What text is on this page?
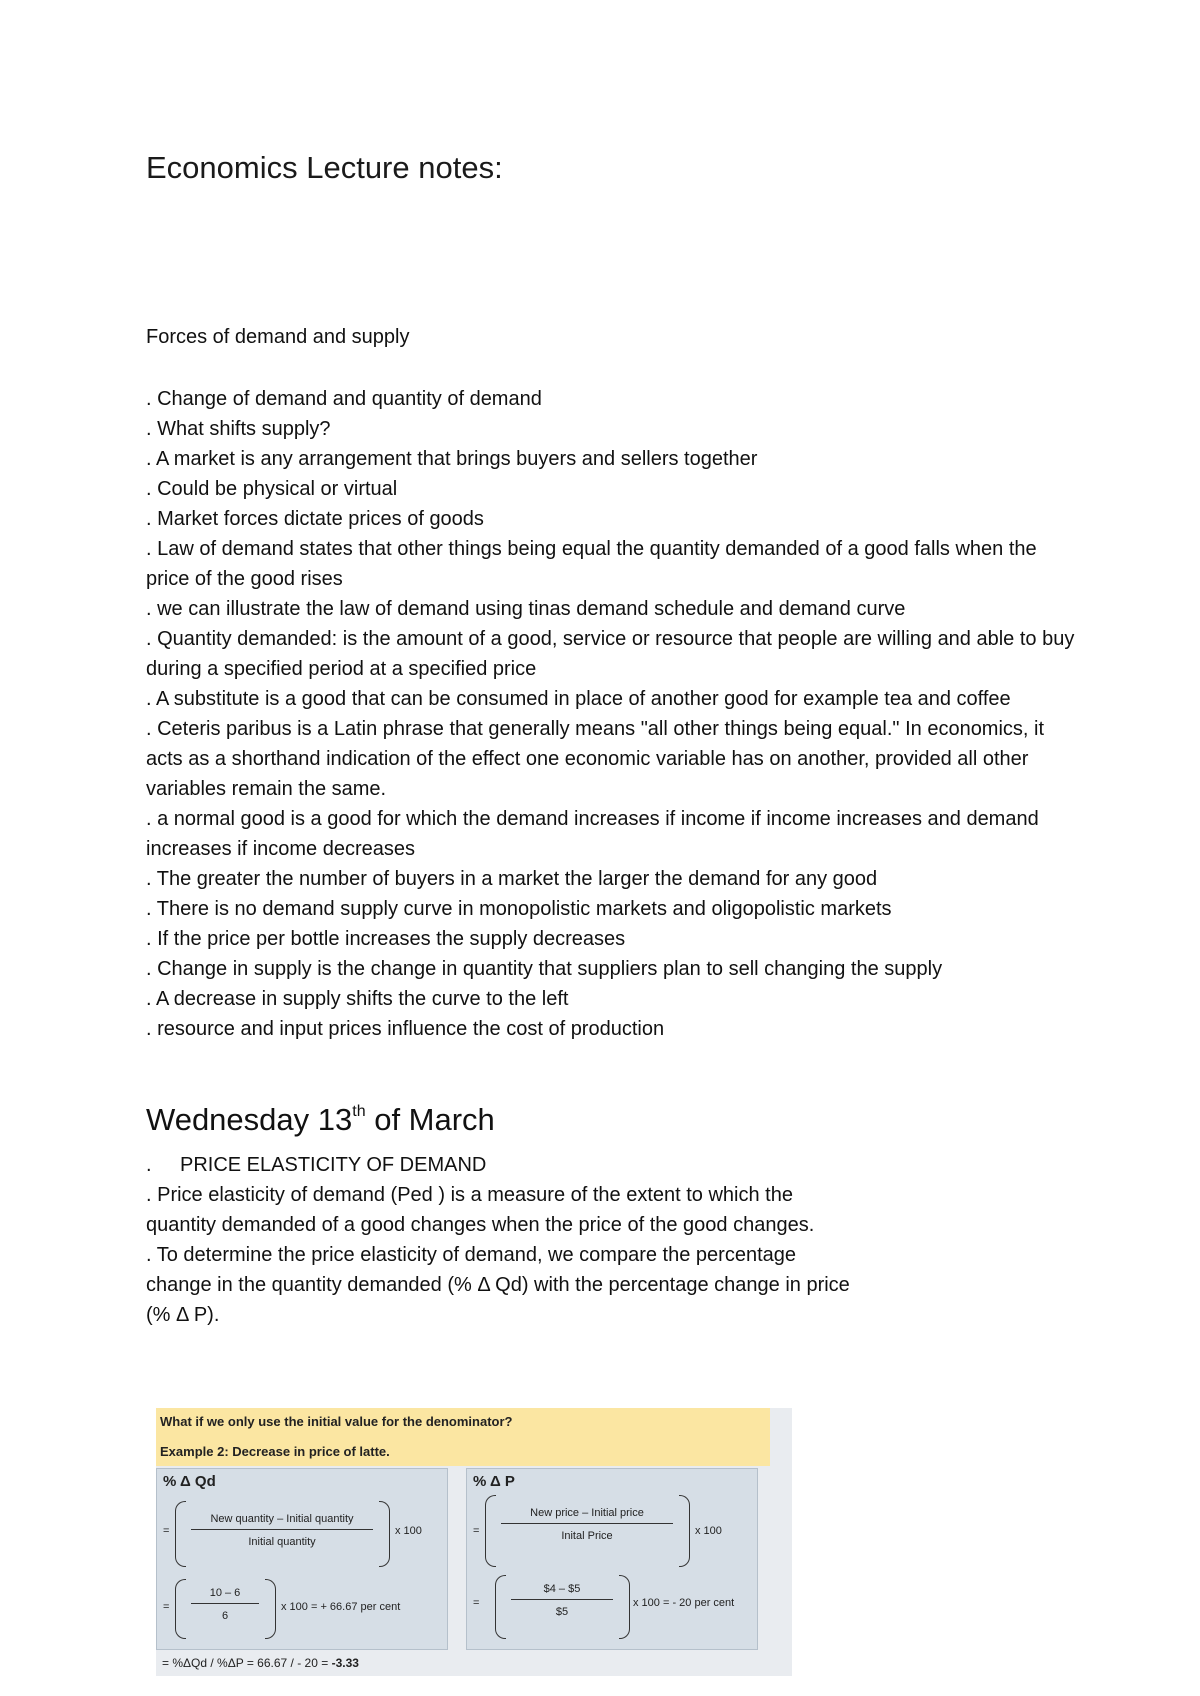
Economics Lecture notes:

Forces of demand and supply

. Change of demand and quantity of demand
. What shifts supply?
. A market is any arrangement that brings buyers and sellers together
. Could be physical or virtual
. Market forces dictate prices of goods
. Law of demand states that other things being equal the quantity demanded of a good falls when the price of the good rises
. we can illustrate the law of demand using tinas demand schedule and demand curve
. Quantity demanded: is the amount of a good, service or resource that people are willing and able to buy during a specified period at a specified price
. A substitute is a good that can be consumed in place of another good for example tea and coffee
. Ceteris paribus is a Latin phrase that generally means "all other things being equal." In economics, it acts as a shorthand indication of the effect one economic variable has on another, provided all other variables remain the same.
. a normal good is a good for which the demand increases if income if income increases and demand increases if income decreases
. The greater the number of buyers in a market the larger the demand for any good
. There is no demand supply curve in monopolistic markets and oligopolistic markets
. If the price per bottle increases the supply decreases
. Change in supply is the change in quantity that suppliers plan to sell changing the supply
. A decrease in supply shifts the curve to the left
. resource and input prices influence the cost of production
Wednesday 13th of March
. PRICE ELASTICITY OF DEMAND
. Price elasticity of demand (Ped ) is a measure of the extent to which the quantity demanded of a good changes when the price of the good changes.
. To determine the price elasticity of demand, we compare the percentage change in the quantity demanded (% Δ Qd) with the percentage change in price (% Δ P).
What if we only use the initial value for the denominator?
Example 2: Decrease in price of latte.
% Δ Qd
=
New quantity – Initial quantity
Initial quantity
x 100
=
10 – 6
6
x 100 = + 66.67 per cent
% Δ P
=
New price – Initial price
Inital Price	x 100
=
$4 – $5
$5
x 100 = - 20 per cent
= %ΔQd / %ΔP = 66.67 / - 20 = -3.33
